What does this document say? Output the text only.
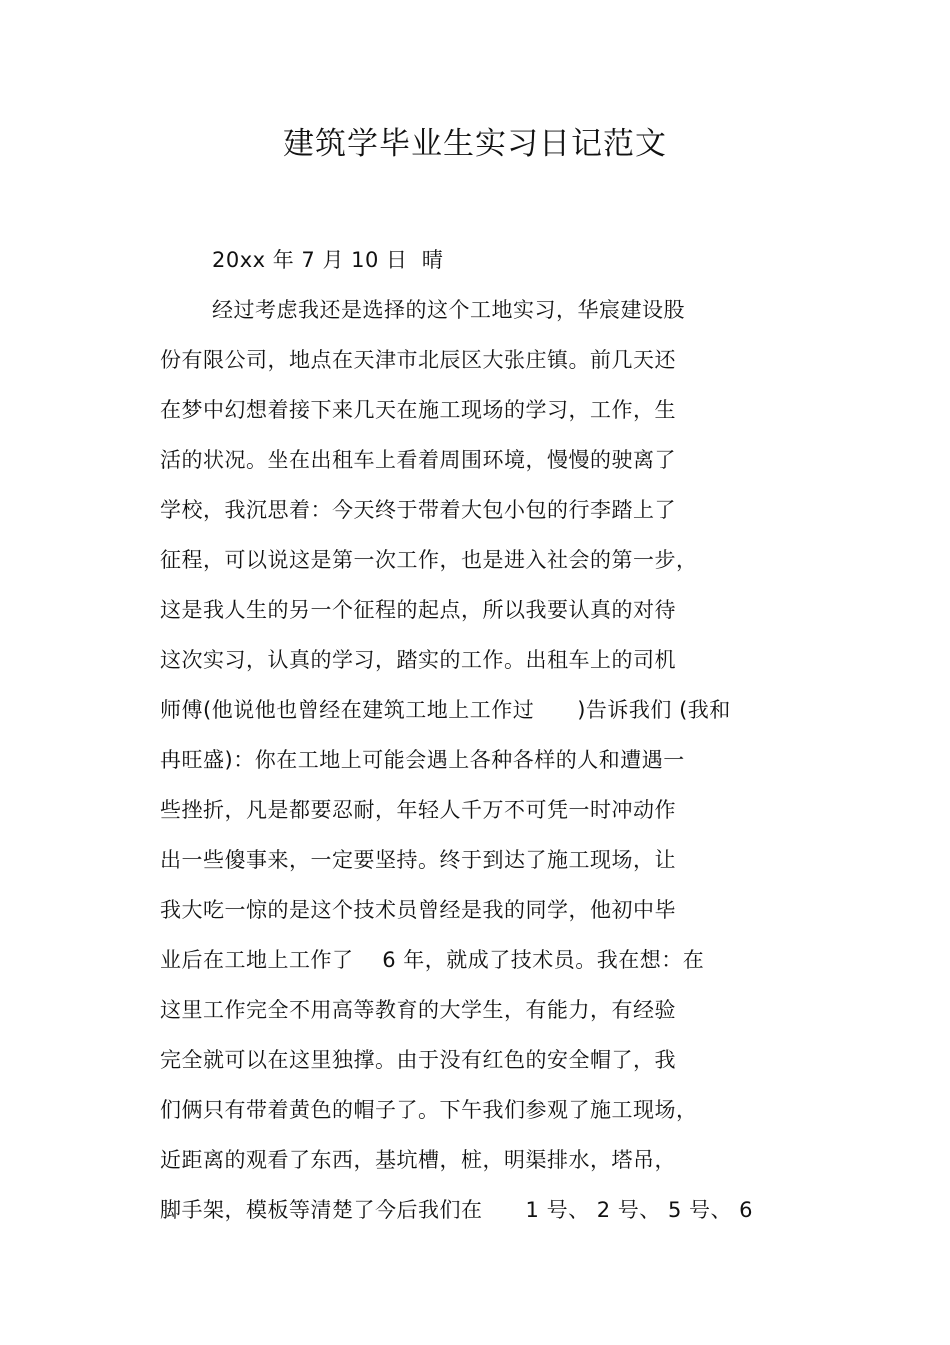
建筑学毕业生实习日记范文
20xx 年 7 月 10 日  晴
经过考虑我还是选择的这个工地实习，华宸建设股
份有限公司，地点在天津市北辰区大张庄镇。前几天还
在梦中幻想着接下来几天在施工现场的学习，工作，生
活的状况。坐在出租车上看着周围环境，慢慢的驶离了
学校，我沉思着：今天终于带着大包小包的行李踏上了
征程，可以说这是第一次工作，也是进入社会的第一步，
这是我人生的另一个征程的起点，所以我要认真的对待
这次实习，认真的学习，踏实的工作。出租车上的司机
师傅(他说他也曾经在建筑工地上工作过      )告诉我们 (我和
冉旺盛)：你在工地上可能会遇上各种各样的人和遭遇一
些挫折，凡是都要忍耐，年轻人千万不可凭一时冲动作
出一些傻事来，一定要坚持。终于到达了施工现场，让
我大吃一惊的是这个技术员曾经是我的同学，他初中毕
业后在工地上工作了    6 年，就成了技术员。我在想：在
这里工作完全不用高等教育的大学生，有能力，有经验
完全就可以在这里独撑。由于没有红色的安全帽了，我
们俩只有带着黄色的帽子了。下午我们参观了施工现场，
近距离的观看了东西，基坑槽，桩，明渠排水，塔吊，
脚手架，模板等清楚了今后我们在      1 号、 2 号、 5 号、 6
